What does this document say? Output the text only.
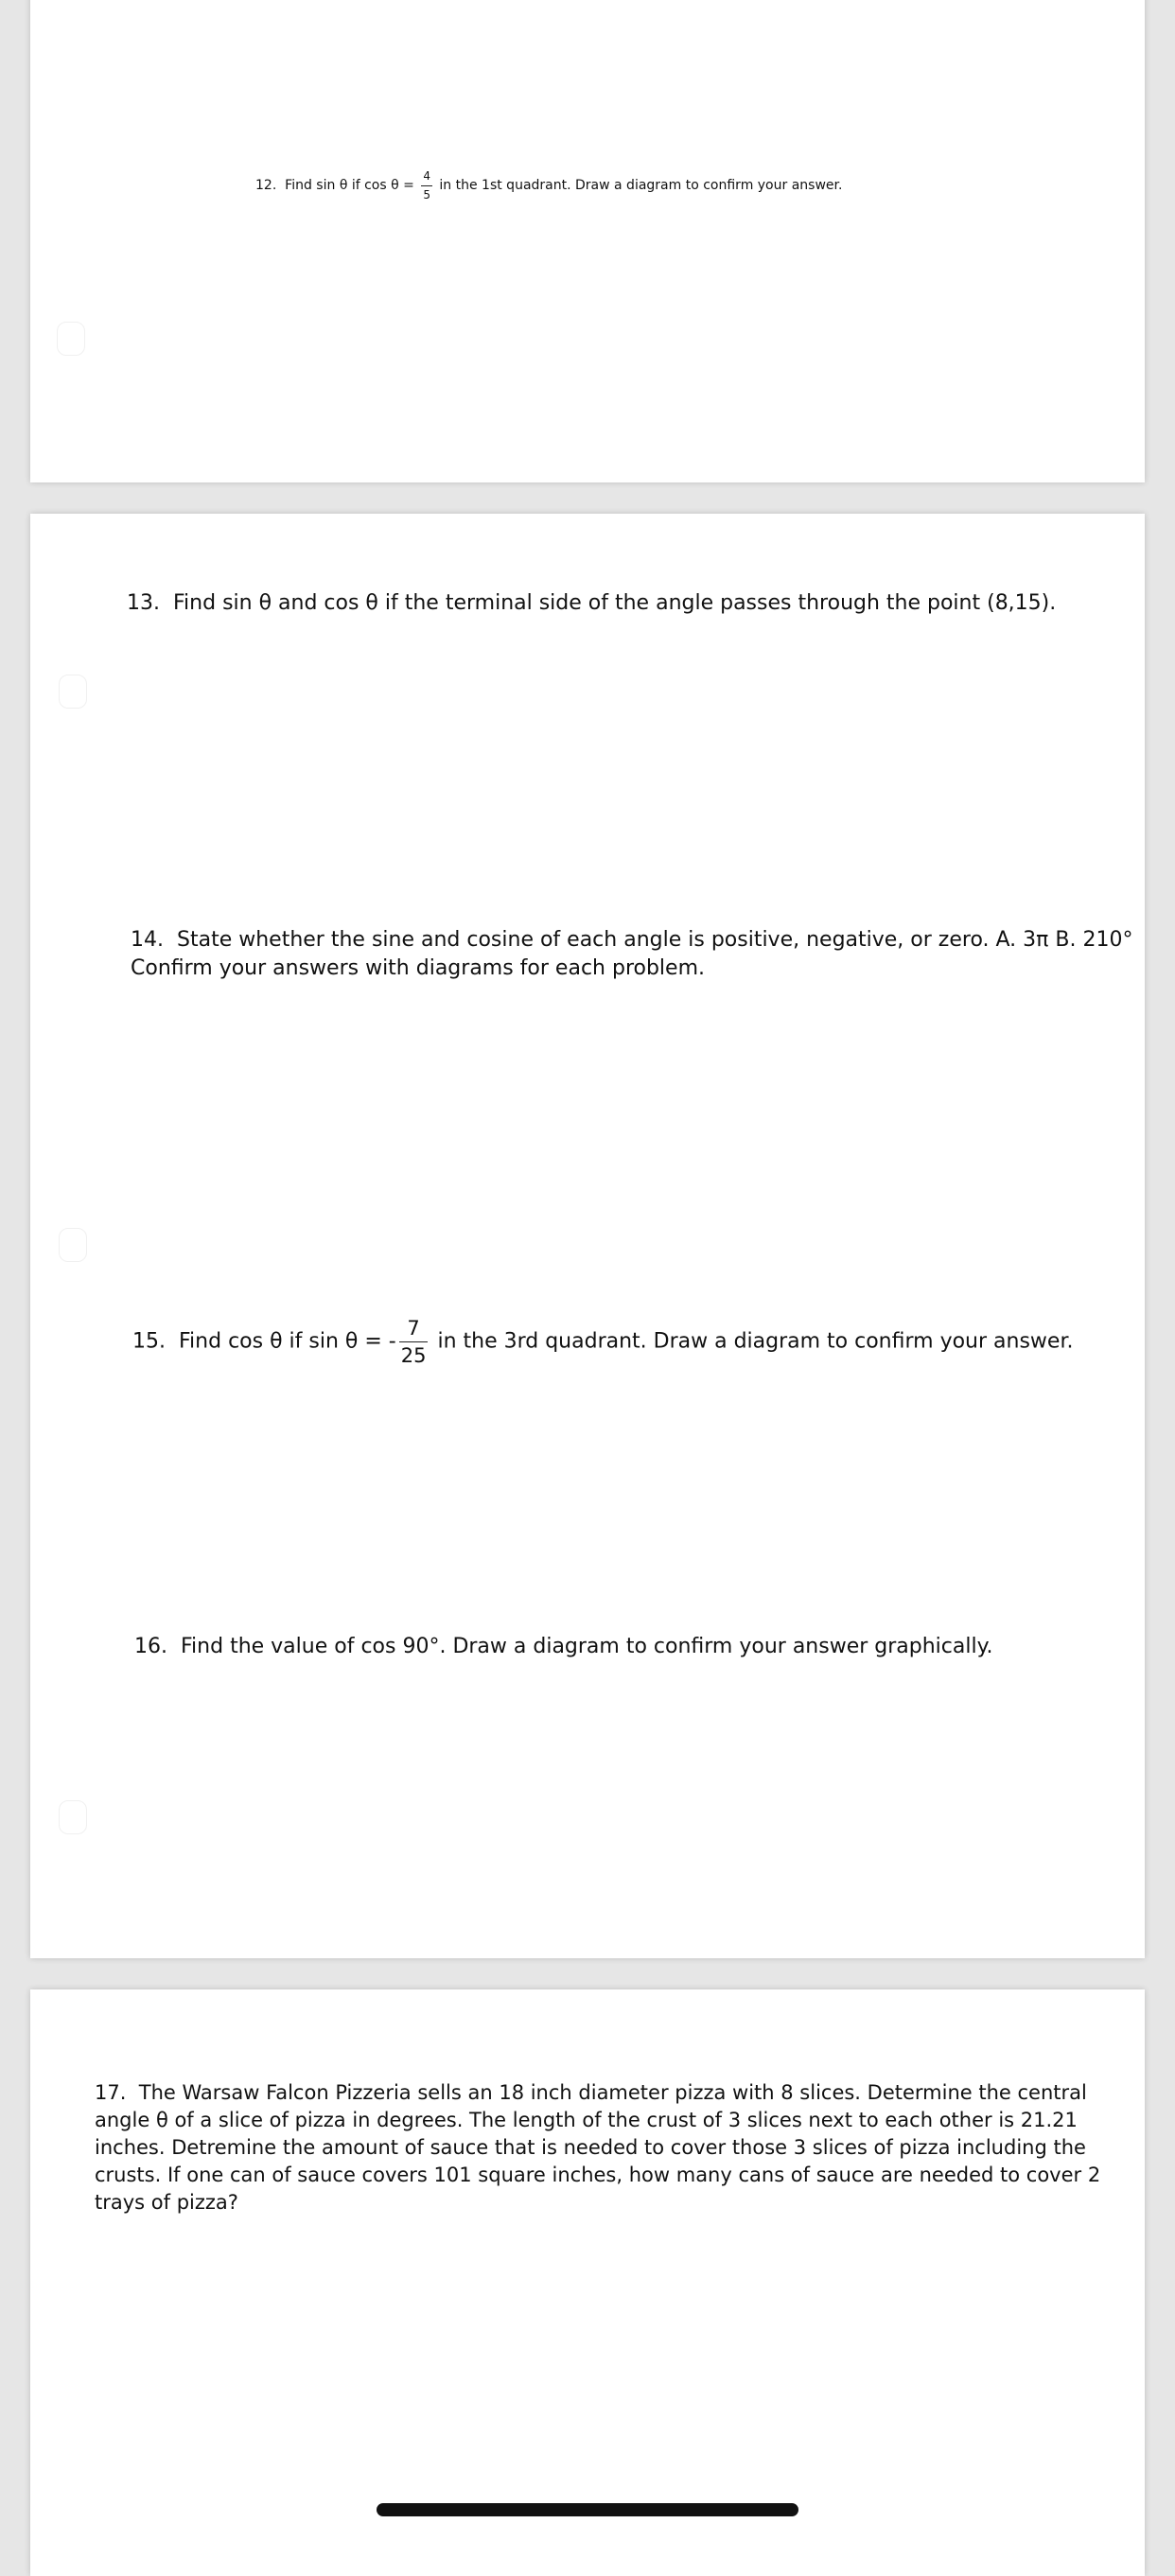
12. Find sin θ if $\cos \theta = \frac{4}{5}$ in the 1st quadrant. Draw a diagram to confirm your answer.
13. Find sin θ and cos θ if the terminal side of the angle passes through the point (8,15).
14. State whether the sine and cosine of each angle is positive, negative, or zero. A. 3π B. 210°
Confirm your answers with diagrams for each problem.
15. Find cos θ if sin θ = - $\frac{7}{25}$ in the 3rd quadrant. Draw a diagram to confirm your answer.
16. Find the value of cos 90°. Draw a diagram to confirm your answer graphically.
17. The Warsaw Falcon Pizzeria sells an 18 inch diameter pizza with 8 slices. Determine the central angle θ of a slice of pizza in degrees. The length of the crust of 3 slices next to each other is 21.21 inches. Detremine the amount of sauce that is needed to cover those 3 slices of pizza including the crusts. If one can of sauce covers 101 square inches, how many cans of sauce are needed to cover 2 trays of pizza?
